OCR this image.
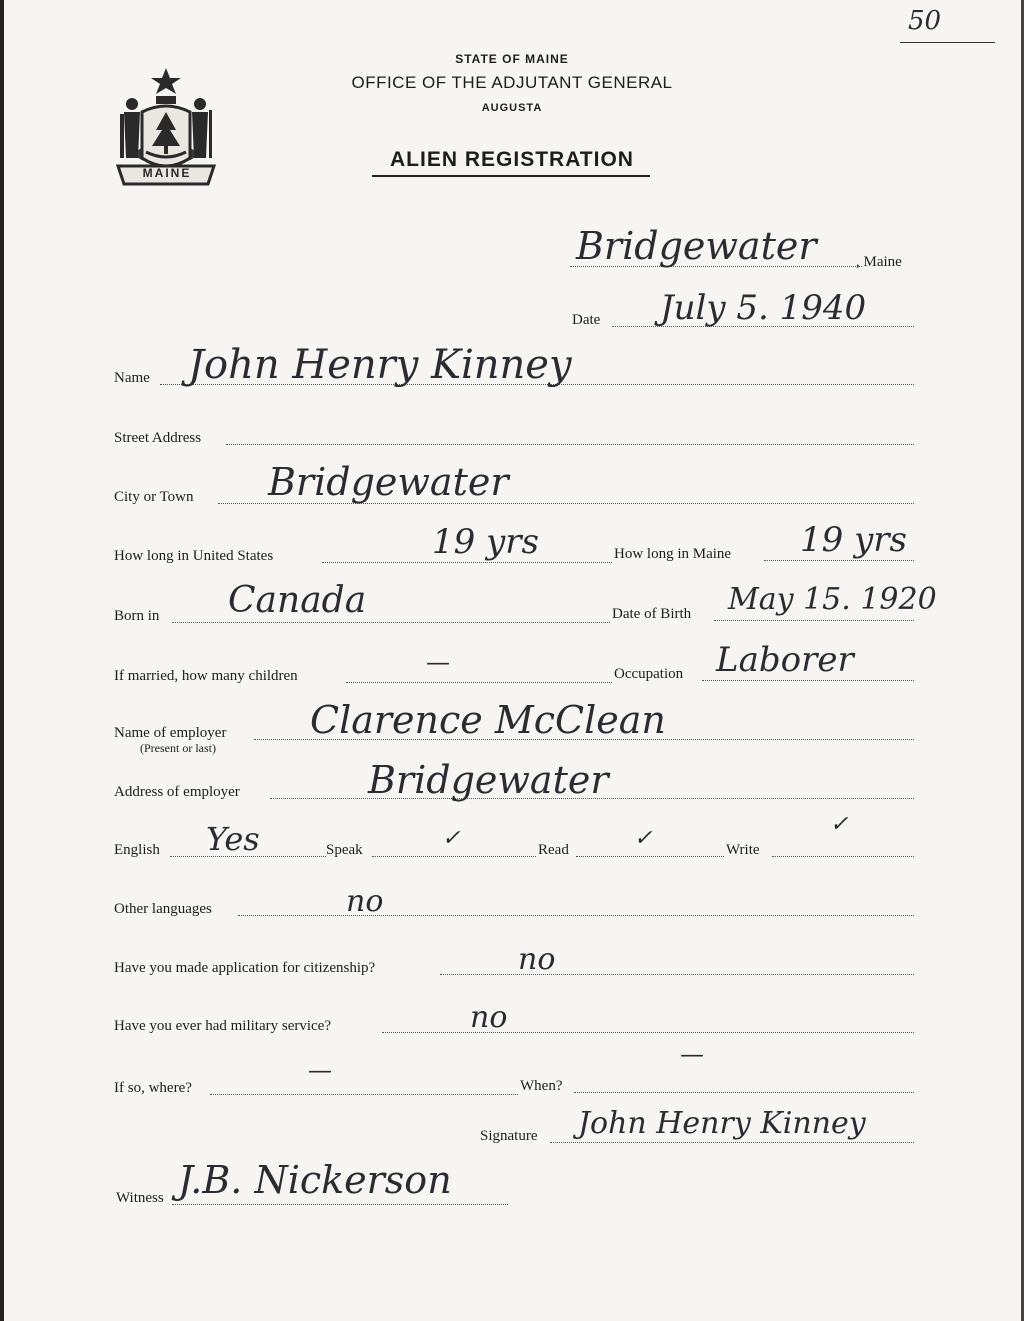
50
MAINE
STATE OF MAINE
OFFICE OF THE ADJUTANT GENERAL
AUGUSTA
ALIEN REGISTRATION
Bridgewater	, Maine
Date July 5. 1940
Name John Henry Kinney
Street Address
City or Town Bridgewater
How long in United States	19 yrs	How long in Maine 19 yrs
Born in Canada	Date of Birth May 15. 1920
If married, how many children	—	Occupation Laborer
Name of employer
(Present or last)
Clarence McClean
Address of employer	Bridgewater
English Yes	Speak	✓	Read	✓	Write
✓
Other languages	no
Have you made application for citizenship?	no
Have you ever had military service?	no
If so, where?
—
When?
—
Signature John Henry Kinney
Witness J.B. Nickerson
